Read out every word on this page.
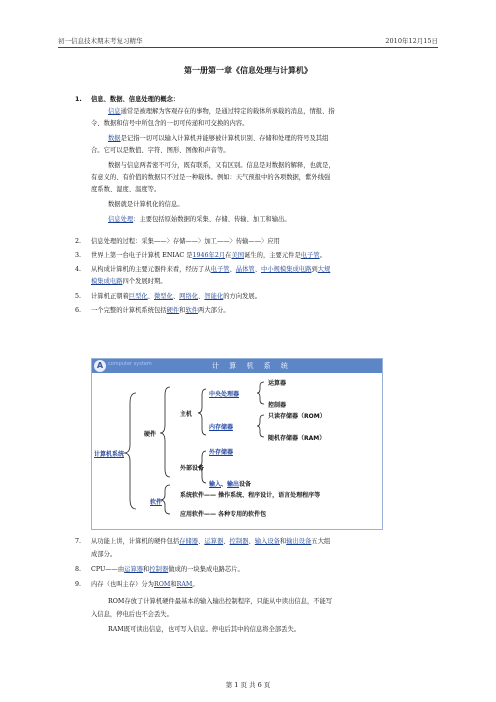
初一信息技术期末考复习精华	2010年12月15日
第一册第一章《信息处理与计算机》
1. 信息、数据、信息处理的概念：
信息通常是被理解为客观存在的事物，是通过特定的载体所承载的消息，情报、指
令、数据和信号中所包含的一切可传递和可交换的内容。
数据是记指一切可以输入计算机并能够被计算机识别、存储和处理的符号及其组
合。它可以是数值、字符、图形、图像和声音等。
数据与信息两者密不可分，既有联系，又有区别。信息是对数据的解释，也就是，
有意义的、有价值的数据只不过是一种载体。例如：天气预报中的各项数据，紫外线强
度系数、湿度、温度等。
数据就是计算机化的信息。
信息处理：主要包括原始数据的采集、存储、传输、加工和输出。
2. 信息处理的过程：采集——〉存储——〉加工——〉传输——〉应用
3. 世界上第一台电子计算机 ENIAC 是1946年2月在美国诞生的，主要元件是电子管。
4. 从构成计算机的主要元器件来看，经历了从电子管、晶体管、中小规模集成电路到大规
模集成电路四个发展时期。
5. 计算机正朝着巨型化、微型化、网络化、智能化的方向发展。
6. 一个完整的计算机系统包括硬件和软件两大部分。
A computer system	计 算 机 系 统
计算机系统
硬件
软件
主机
外部设备
中央处理器
内存储器
运算器
控制器
只读存储器（ROM）
随机存储器（RAM）
外存储器
输入、输出设备
系统软件—— 操作系统、程序设计，语言处理程序等
应用软件—— 各种专用的软件包
7. 从功能上讲，计算机的硬件包括存储器、运算器、控制器、输入设备和输出设备五大组
成部分。
8. CPU——由运算器和控制器做成的一块集成电路芯片。
9. 内存（也叫主存）分为ROM和RAM。
ROM存放了计算机硬件最基本的输入输出控制程序，只能从中读出信息，不能写
入信息，停电后也不会丢失。
RAM既可读出信息，也可写入信息。停电后其中的信息将全部丢失。
第 1 页 共 6 页
